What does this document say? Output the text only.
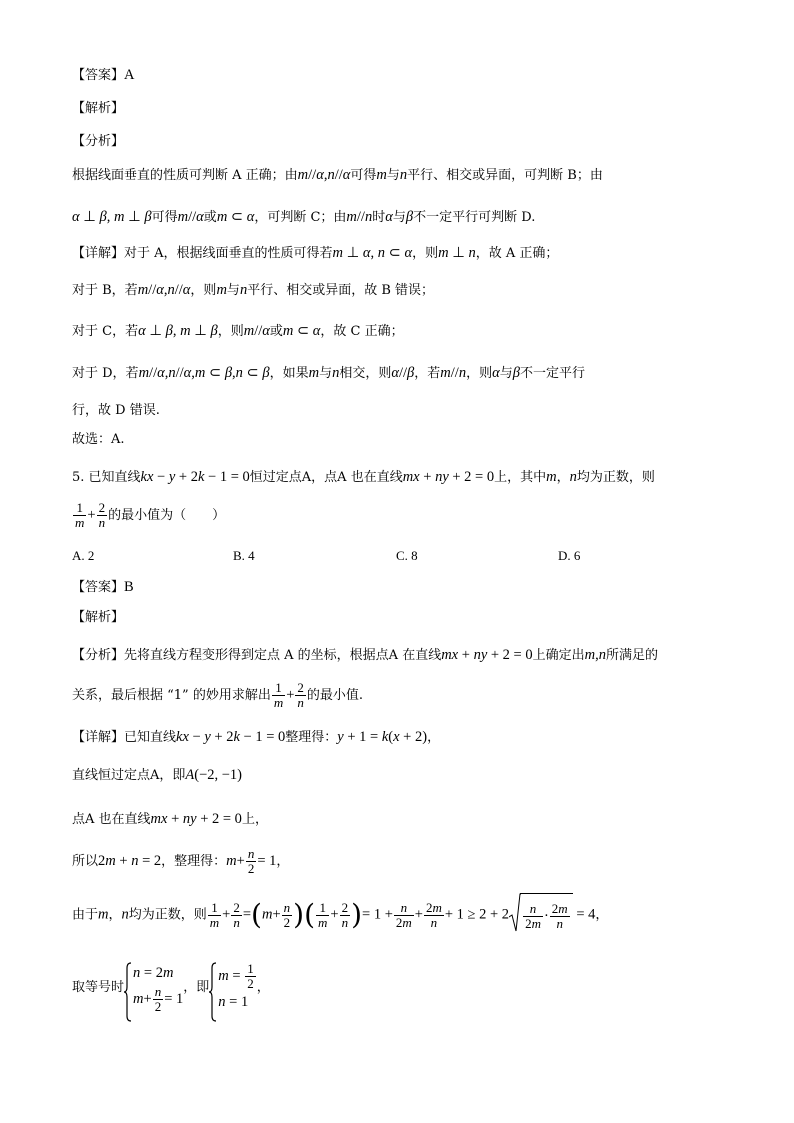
【答案】A
【解析】
【分析】
根据线面垂直的性质可判断 A 正确；由m//α,n//α可得m与n平行、相交或异面，可判断 B；由
α ⊥ β, m ⊥ β可得m//α或m ⊂ α，可判断 C；由m//n时α与β不一定平行可判断 D.
【详解】对于 A，根据线面垂直的性质可得若m ⊥ α, n ⊂ α，则m ⊥ n，故 A 正确；
对于 B，若m//α,n//α，则m与n平行、相交或异面，故 B 错误；
对于 C，若α ⊥ β, m ⊥ β，则m//α或m ⊂ α，故 C 正确；
对于 D，若m//α,n//α,m ⊂ β,n ⊂ β，如果m与n相交，则α//β，若m//n，则α与β不一定平行
行，故 D 错误.
故选：A.
5. 已知直线kx − y + 2k − 1 = 0恒过定点A，点A 也在直线mx + ny + 2 = 0上，其中m，n均为正数，则
$\frac{1}{m} + \frac{2}{n}$ 的最小值为（　　）
A. 2	B. 4	C. 8	D. 6
【答案】B
【解析】
【分析】先将直线方程变形得到定点 A 的坐标，根据点A 在直线mx + ny + 2 = 0上确定出m,n所满足的
关系，最后根据 “1” 的妙用求解出 $\frac{1}{m} + \frac{2}{n}$ 的最小值.
【详解】已知直线kx − y + 2k − 1 = 0整理得：y + 1 = k(x + 2)，
直线恒过定点A，即A(−2, −1)
点A 也在直线mx + ny + 2 = 0上，
所以2m + n = 2，整理得：$m+ \frac{n}{2} = 1$，
由于m，n均为正数，则 $\frac{1}{m} + \frac{2}{n} =(m+ \frac{n}{2}$ )( $\frac{1}{m} + \frac{2}{n}$ )= $1 + \frac{n}{2m} + \frac{2m}{n} + 1 \ge 2 + 2 \frac{n}{2m} \cdot \frac{2m}{n} = 4$，
取等号时
n = 2m
$m+ \frac{n}{2} = 1$
，即
$m = \frac{1}{2}$
n = 1
，
